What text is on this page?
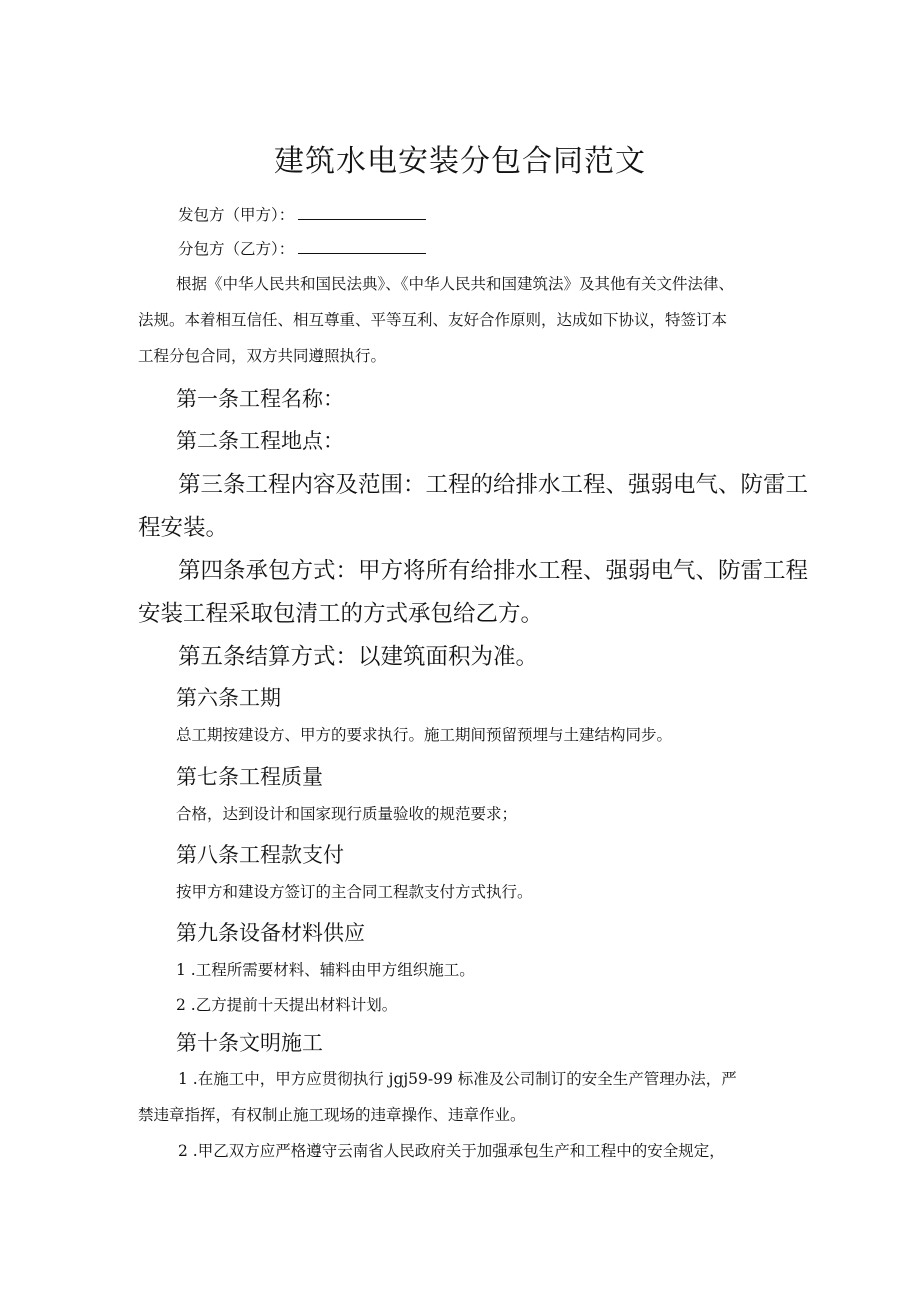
建筑水电安装分包合同范文
发包方（甲方）：
分包方（乙方）：
根据《中华人民共和国民法典》、《中华人民共和国建筑法》及其他有关文件法律、
法规。本着相互信任、相互尊重、平等互利、友好合作原则，达成如下协议，特签订本
工程分包合同，双方共同遵照执行。
第一条工程名称：
第二条工程地点：
第三条工程内容及范围：工程的给排水工程、强弱电气、防雷工
程安装。
第四条承包方式：甲方将所有给排水工程、强弱电气、防雷工程
安装工程采取包清工的方式承包给乙方。
第五条结算方式：以建筑面积为准。
第六条工期
总工期按建设方、甲方的要求执行。施工期间预留预埋与土建结构同步。
第七条工程质量
合格，达到设计和国家现行质量验收的规范要求；
第八条工程款支付
按甲方和建设方签订的主合同工程款支付方式执行。
第九条设备材料供应
1 .工程所需要材料、辅料由甲方组织施工。
2 .乙方提前十天提出材料计划。
第十条文明施工
1 .在施工中，甲方应贯彻执行 jgj59-99 标准及公司制订的安全生产管理办法，严
禁违章指挥，有权制止施工现场的违章操作、违章作业。
2 .甲乙双方应严格遵守云南省人民政府关于加强承包生产和工程中的安全规定，
